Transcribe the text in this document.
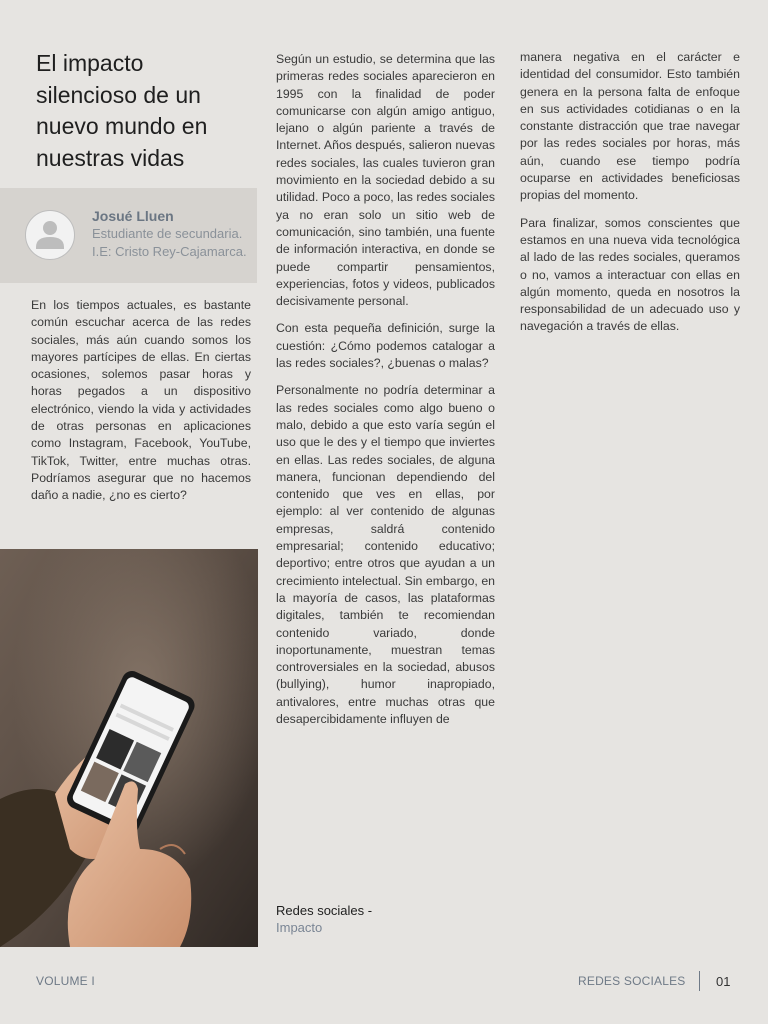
El impacto silencioso de un nuevo mundo en nuestras vidas
Josué Lluen
Estudiante de secundaria. I.E: Cristo Rey-Cajamarca.

En los tiempos actuales, es bastante común escuchar acerca de las redes sociales, más aún cuando somos los mayores partícipes de ellas. En ciertas ocasiones, solemos pasar horas y horas pegados a un dispositivo electrónico, viendo la vida y actividades de otras personas en aplicaciones como Instagram, Facebook, YouTube, TikTok, Twitter, entre muchas otras. Podríamos asegurar que no hacemos daño a nadie, ¿no es cierto?

Según un estudio, se determina que las primeras redes sociales aparecieron en 1995 con la finalidad de poder comunicarse con algún amigo antiguo, lejano o algún pariente a través de Internet. Años después, salieron nuevas redes sociales, las cuales tuvieron gran movimiento en la sociedad debido a su utilidad. Poco a poco, las redes sociales ya no eran solo un sitio web de comunicación, sino también, una fuente de información interactiva, en donde se puede compartir pensamientos, experiencias, fotos y videos, publicados decisivamente personal.

Con esta pequeña definición, surge la cuestión: ¿Cómo podemos catalogar a las redes sociales?, ¿buenas o malas?

Personalmente no podría determinar a las redes sociales como algo bueno o malo, debido a que esto varía según el uso que le des y el tiempo que inviertes en ellas. Las redes sociales, de alguna manera, funcionan dependiendo del contenido que ves en ellas, por ejemplo: al ver contenido de algunas empresas, saldrá contenido empresarial; contenido educativo; deportivo; entre otros que ayudan a un crecimiento intelectual. Sin embargo, en la mayoría de casos, las plataformas digitales, también te recomiendan contenido variado, donde inoportunamente, muestran temas controversiales en la sociedad, abusos (bullying), humor inapropiado, antivalores, entre muchas otras que desapercibidamente influyen de

manera negativa en el carácter e identidad del consumidor. Esto también genera en la persona falta de enfoque en sus actividades cotidianas o en la constante distracción que trae navegar por las redes sociales por horas, más aún, cuando ese tiempo podría ocuparse en actividades beneficiosas propias del momento.

Para finalizar, somos conscientes que estamos en una nueva vida tecnológica al lado de las redes sociales, queramos o no, vamos a interactuar con ellas en algún momento, queda en nosotros la responsabilidad de un adecuado uso y navegación a través de ellas.

Redes sociales -
Impacto
VOLUME I	REDES SOCIALES 01
